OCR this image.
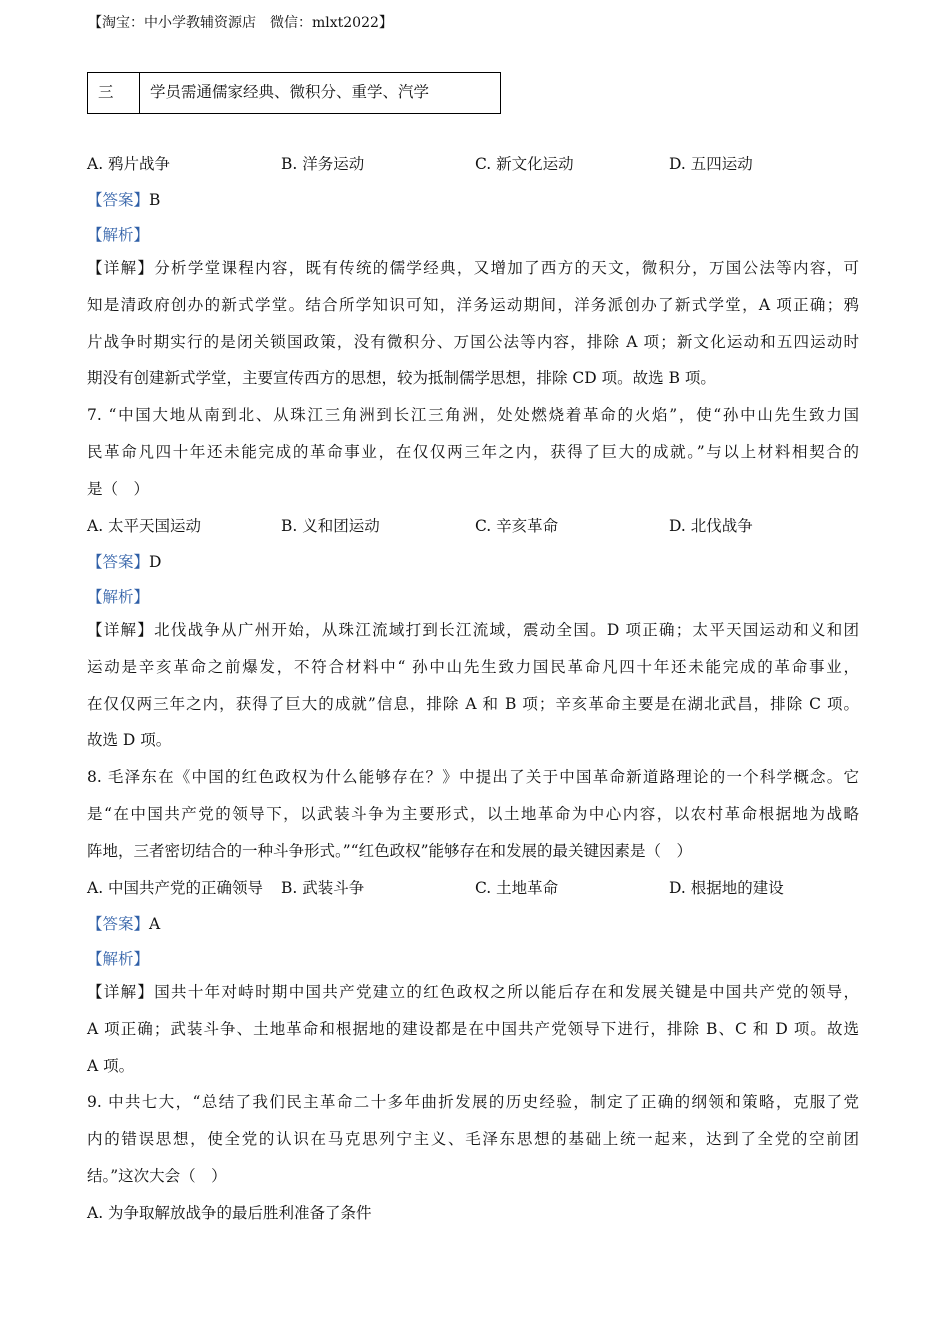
【淘宝：中小学教辅资源店　微信：mlxt2022】
三	学员需通儒家经典、微积分、重学、汽学
A. 鸦片战争	B. 洋务运动	C. 新文化运动	D. 五四运动
【答案】B
【解析】
【详解】分析学堂课程内容，既有传统的儒学经典，又增加了西方的天文，微积分，万国公法等内容，可
知是清政府创办的新式学堂。结合所学知识可知，洋务运动期间，洋务派创办了新式学堂，A 项正确；鸦
片战争时期实行的是闭关锁国政策，没有微积分、万国公法等内容，排除 A 项；新文化运动和五四运动时
期没有创建新式学堂，主要宣传西方的思想，较为抵制儒学思想，排除 CD 项。故选 B 项。
7. “中国大地从南到北、从珠江三角洲到长江三角洲，处处燃烧着革命的火焰”，使“孙中山先生致力国
民革命凡四十年还未能完成的革命事业，在仅仅两三年之内，获得了巨大的成就。”与以上材料相契合的
是（　）
A. 太平天国运动	B. 义和团运动	C. 辛亥革命	D. 北伐战争
【答案】D
【解析】
【详解】北伐战争从广州开始，从珠江流域打到长江流域，震动全国。D 项正确；太平天国运动和义和团
运动是辛亥革命之前爆发，不符合材料中“ 孙中山先生致力国民革命凡四十年还未能完成的革命事业，
在仅仅两三年之内，获得了巨大的成就”信息，排除 A 和 B 项；辛亥革命主要是在湖北武昌，排除 C 项。
故选 D 项。
8. 毛泽东在《中国的红色政权为什么能够存在？》中提出了关于中国革命新道路理论的一个科学概念。它
是“在中国共产党的领导下，以武装斗争为主要形式，以土地革命为中心内容，以农村革命根据地为战略
阵地，三者密切结合的一种斗争形式。”“红色政权”能够存在和发展的最关键因素是（　）
A. 中国共产党的正确领导 B. 武装斗争	C. 土地革命	D. 根据地的建设
【答案】A
【解析】
【详解】国共十年对峙时期中国共产党建立的红色政权之所以能后存在和发展关键是中国共产党的领导，
A 项正确；武装斗争、土地革命和根据地的建设都是在中国共产党领导下进行，排除 B、C 和 D 项。故选
A 项。
9. 中共七大，“总结了我们民主革命二十多年曲折发展的历史经验，制定了正确的纲领和策略，克服了党
内的错误思想，使全党的认识在马克思列宁主义、毛泽东思想的基础上统一起来，达到了全党的空前团
结。”这次大会（　）
A. 为争取解放战争的最后胜利准备了条件
